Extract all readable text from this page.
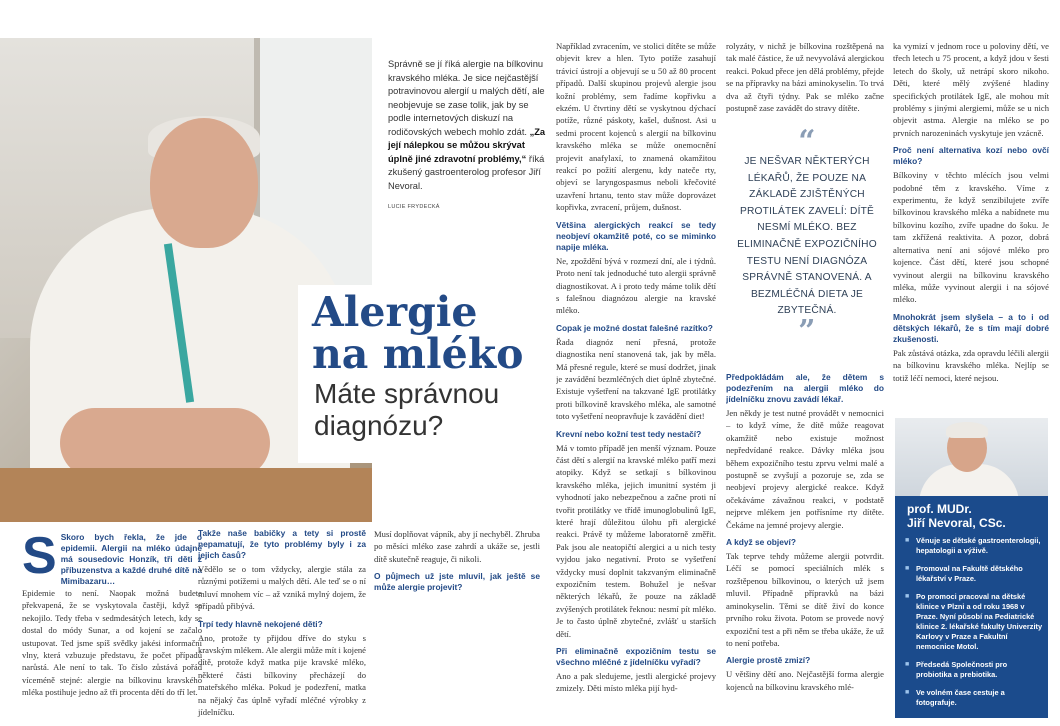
Správně se jí říká alergie na bílkovinu kravského mléka. Je sice nejčastější potravinovou alergií u malých dětí, ale neobjevuje se zase tolik, jak by se podle internetových diskuzí na rodičovských webech mohlo zdát. „Za její nálepkou se můžou skrývat úplně jiné zdravotní problémy,“ říká zkušený gastroenterolog profesor Jiří Nevoral.
LUCIE FRYDECKÁ
Alergie na mléko
Máte správnou diagnózu?
S Skoro bych řekla, že jde o epidemii. Alergii na mléko údajně má sousedovic Honzík, tři děti z příbuzenstva a každé druhé dítě na Mimibazaru…

Epidemie to není. Naopak možná budete překvapená, že se vyskytovala častěji, když se nekojilo. Tedy třeba v sedmdesátých letech, kdy se dostal do módy Sunar, a od kojení se začalo ustupovat. Ted jsme spíš svědky jakési informační vlny, která vzbuzuje představu, že počet případů narůstá. Ale není to tak. To číslo zůstává pořád víceméně stejné: alergie na bílkovinu kravského mléka postihuje jedno až tři procenta dětí do tří let.

Takže naše babičky a tety si prostě nepamatují, že tyto problémy byly i za jejich časů?

Vědělo se o tom vždycky, alergie stála za různými potížemi u malých dětí. Ale teď se o ní mluví mnohem víc – až vzniká mylný dojem, že případů přibývá.

Trpí tedy hlavně nekojené děti?

Ano, protože ty přijdou dříve do styku s kravským mlékem. Ale alergii může mít i kojené dítě, protože když matka pije kravské mléko, některé části bílkoviny přecházejí do mateřského mléka. Pokud je podezření, matka na nějaký čas úplně vyřadí mléčné výrobky z jídelníčku.

Musí doplňovat vápník, aby jí nechyběl. Zhruba po měsíci mléko zase zahrdí a ukáže se, jestli dítě skutečně reaguje, či nikoli.

O půjmech už jste mluvil, jak ještě se může alergie projevit?

Například zvracením, ve stolici dítěte se může objevit krev a hlen. Tyto potíže zasahují trávicí ústrojí a objevují se u 50 až 80 procent případů. Další skupinou projevů alergie jsou kožní problémy, sem řadíme kopřivku a ekzém. U čtvrtiny dětí se vyskytnou dýchací potíže, různé páskoty, kašel, dušnost. Asi u sedmi procent kojenců s alergií na bílkovinu kravského mléka se může onemocnění projevit anafylaxí, to znamená okamžitou reakcí po požití alergenu, kdy nateče rty, objeví se laryngospasmus neboli křečovité uzavření hrtanu, tento stav může doprovázet kopřivka, zvracení, průjem, dušnost.

Většina alergických reakcí se tedy neobjeví okamžitě poté, co se miminko napije mléka.

Ne, zpoždění bývá v rozmezí dní, ale i týdnů. Proto není tak jednoduché tuto alergii správně diagnostikovat. A i proto tedy máme tolik dětí s falešnou diagnózou alergie na kravské mléko.

Copak je možné dostat falešné razítko?

Řada diagnóz není přesná, protože diagnostika není stanovená tak, jak by měla. Má přesné regule, které se musí dodržet, jinak je zavádění bezmléčných diet úplně zbytečné. Existuje vyšetření na takzvané IgE protilátky proti bílkovině kravského mléka, ale samotné toto vyšetření neopravňuje k zavádění diet!

Krevní nebo kožní test tedy nestačí?

Má v tomto případě jen menší význam. Pouze část dětí s alergií na kravské mléko patří mezi atopiky. Když se setkají s bílkovinou kravského mléka, jejich imunitní systém ji vyhodnotí jako nebezpečnou a začne proti ní tvořit protilátky ve třídě imunoglobulinů IgE, které hrají důležitou úlohu při alergické reakci. Právě ty můžeme laboratorně změřit. Pak jsou ale neatopičtí alergici a u nich testy vyjdou jako negativní. Proto se vyšetření vždycky musí doplnit takzvaným eliminačně expozičním testem. Bohužel je nešvar některých lékařů, že pouze na základě zvýšených protilátek řeknou: nesmí pít mléko. Je to často úplně zbytečné, zvlášť u starších dětí.

Při eliminačně expozičním testu se všechno mléčné z jídelníčku vyřadí?

Ano a pak sledujeme, jestli alergické projevy zmizely. Děti místo mléka pijí hyd-

rolyzáty, v nichž je bílkovina rozštěpená na tak malé částice, že už nevyvolává alergickou reakci. Pokud přece jen dělá problémy, přejde se na přípravky na bázi aminokyselin. To trvá dva až čtyři týdny. Pak se mléko začne postupně zase zavádět do stravy dítěte.

“
JE NEŠVAR NĚKTERÝCH LÉKAŘŮ, ŽE POUZE NA ZÁKLADĚ ZJIŠTĚNÝCH PROTILÁTEK ZAVELÍ: DÍTĚ NESMÍ MLÉKO. BEZ ELIMINAČNĚ EXPOZIČNÍHO TESTU NENÍ DIAGNÓZA SPRÁVNĚ STANOVENÁ. A BEZMLÉČNÁ DIETA JE ZBYTEČNÁ.
”
Předpokládám ale, že dětem s podezřením na alergii mléko do jídelníčku znovu zavádí lékař.

Jen někdy je test nutné provádět v nemocnici – to když víme, že dítě může reagovat okamžitě nebo existuje možnost nepředvídané reakce. Dávky mléka jsou během expozičního testu zprvu velmi malé a postupně se zvyšují a pozoruje se, zda se neobjeví projevy alergické reakce. Když očekáváme závažnou reakci, v podstatě nejprve mlékem jen potřísníme rty dítěte. Čekáme na jemné projevy alergie.

A když se objeví?

Tak teprve tehdy můžeme alergii potvrdit. Léčí se pomocí speciálních mlék s rozštěpenou bílkovinou, o kterých už jsem mluvil. Případně přípravků na bázi aminokyselin. Těmi se dítě živí do konce prvního roku života. Potom se provede nový expoziční test a při něm se třeba ukáže, že už to není potřeba.

Alergie prostě zmizí?

U většiny dětí ano. Nejčastější forma alergie kojenců na bílkovinu kravského mlé-

ka vymizí v jednom roce u poloviny dětí, ve třech letech u 75 procent, a když jdou v šesti letech do školy, už netrápí skoro nikoho. Děti, které mělý zvýšené hladiny specifických protilátek IgE, ale mohou mít problémy s jinými alergiemi, může se u nich objevit astma. Alergie na mléko se po prvních narozeninách vyskytuje jen vzácně.

Proč není alternativa kozí nebo ovčí mléko?

Bílkoviny v těchto mlécích jsou velmi podobné těm z kravského. Víme z experimentu, že když senzibilujete zvíře bílkovinou kravského mléka a nabídnete mu bílkovinu kozího, zvíře upadne do šoku. Je tam zkřížená reaktivita. A pozor, dobrá alternativa není ani sójové mléko pro kojence. Část dětí, které jsou schopné vyvinout alergii na bílkovinu kravského mléka, může vyvinout alergii i na sójové mléko.

Mnohokrát jsem slyšela – a to i od dětských lékařů, že s tím mají dobré zkušenosti.

Pak zůstává otázka, zda opravdu léčili alergii na bílkovinu kravského mléka. Nejlíp se totiž léčí nemoci, které nejsou.

prof. MUDr.
Jiří Nevoral, CSc.
■ Věnuje se dětské gastroenterologii, hepatologii a výživě.
■ Promoval na Fakultě dětského lékařství v Praze.
■ Po promoci pracoval na dětské klinice v Plzni a od roku 1968 v Praze. Nyní působí na Pediatrické klinice 2. lékařské fakulty Univerzity Karlovy v Praze a Fakultní nemocnice Motol.
■ Předsedá Společnosti pro probiotika a prebiotika.
■ Ve volném čase cestuje a fotografuje.
